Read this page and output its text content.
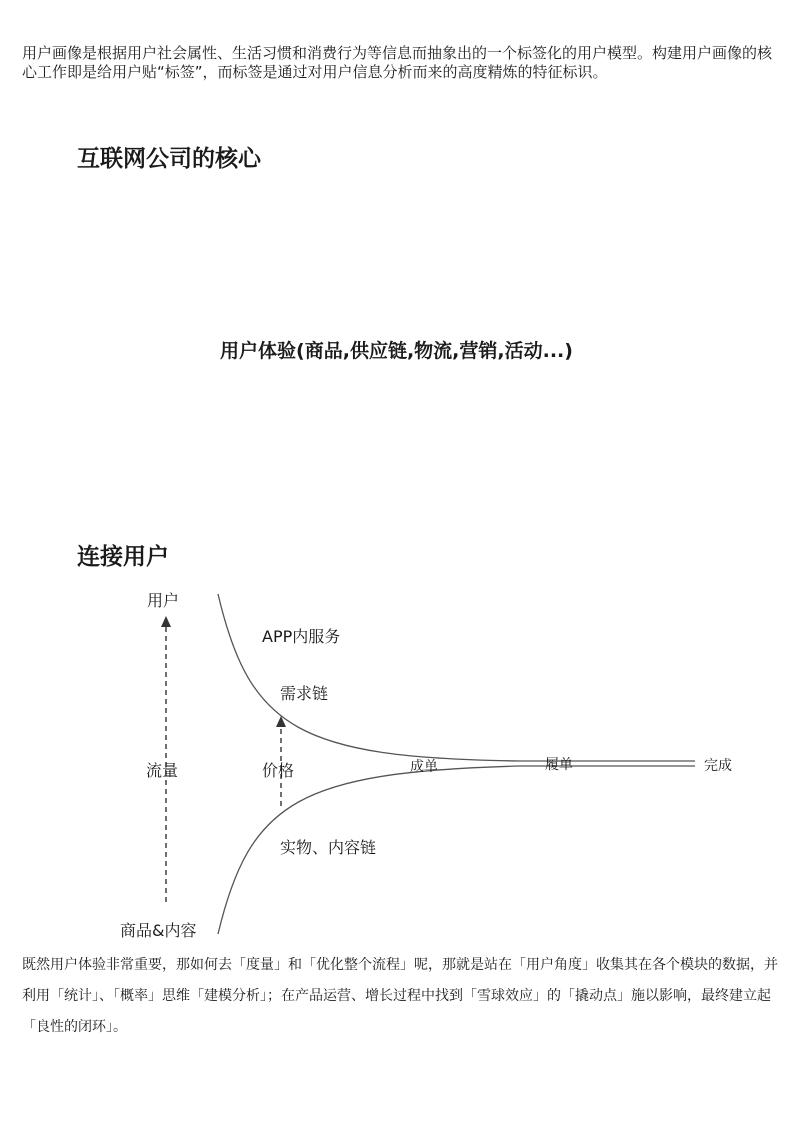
用户画像是根据用户社会属性、生活习惯和消费行为等信息而抽象出的一个标签化的用户模型。构建用户画像的核心工作即是给用户贴“标签”，而标签是通过对用户信息分析而来的高度精炼的特征标识。

互联网公司的核心

用户体验(商品,供应链,物流,营销,活动...)

连接用户
用户
APP内服务
需求链
流量	价格	成单	履单	完成
实物、内容链
商品&内容

既然用户体验非常重要，那如何去「度量」和「优化整个流程」呢，那就是站在「用户角度」收集其在各个模块的数据，并利用「统计」、「概率」思维「建模分析」；在产品运营、增长过程中找到「雪球效应」的「撬动点」施以影响，最终建立起「良性的闭环」。
